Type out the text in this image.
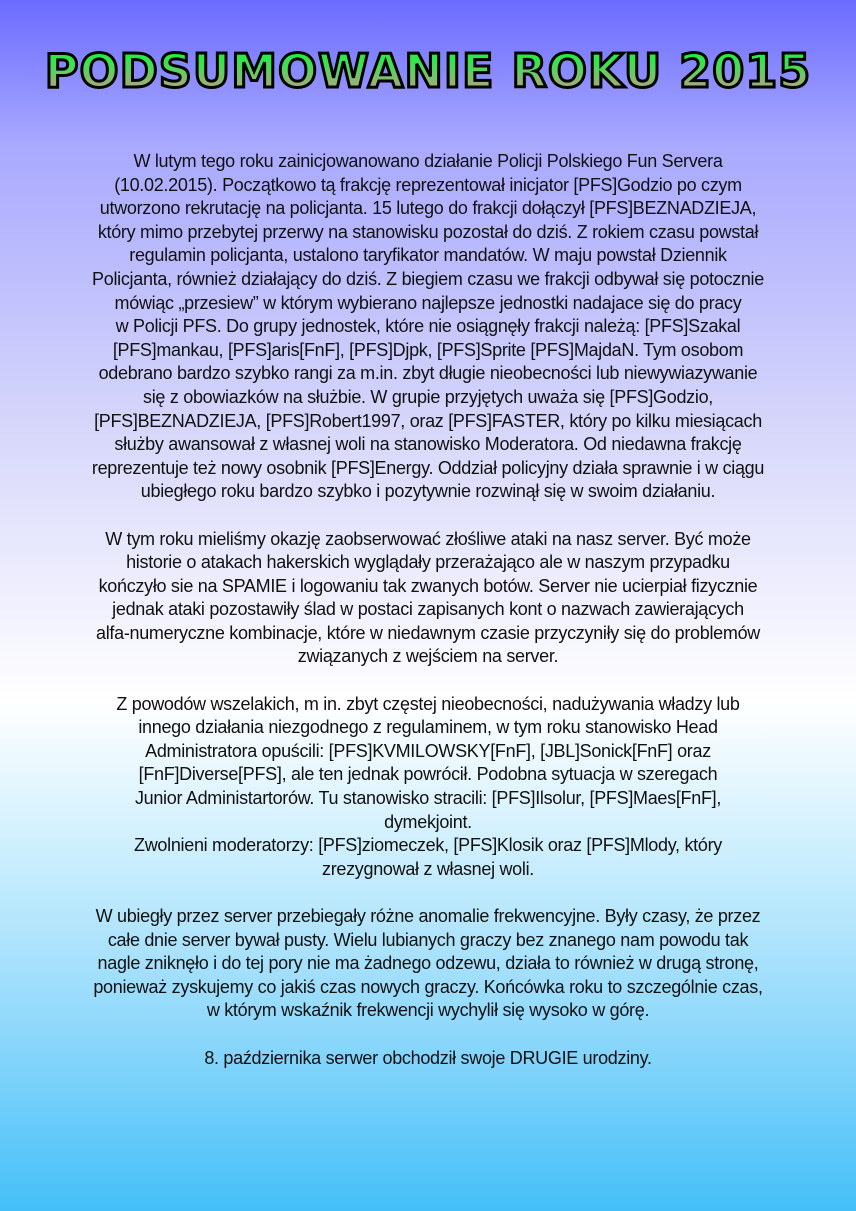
PODSUMOWANIE ROKU 2015
W lutym tego roku zainicjowanowano działanie Policji Polskiego Fun Servera
(10.02.2015). Początkowo tą frakcję reprezentował inicjator [PFS]Godzio po czym
utworzono rekrutację na policjanta. 15 lutego do frakcji dołączył [PFS]BEZNADZIEJA,
który mimo przebytej przerwy na stanowisku pozostał do dziś. Z rokiem czasu powstał
regulamin policjanta, ustalono taryfikator mandatów. W maju powstał Dziennik
Policjanta, również działający do dziś. Z biegiem czasu we frakcji odbywał się potocznie
mówiąc „przesiew” w którym wybierano najlepsze jednostki nadajace się do pracy
w Policji PFS. Do grupy jednostek, które nie osiągnęły frakcji należą: [PFS]Szakal
[PFS]mankau, [PFS]aris[FnF], [PFS]Djpk, [PFS]Sprite [PFS]MajdaN. Tym osobom
odebrano bardzo szybko rangi za m.in. zbyt długie nieobecności lub niewywiazywanie
się z obowiazków na służbie. W grupie przyjętych uważa się [PFS]Godzio,
[PFS]BEZNADZIEJA, [PFS]Robert1997, oraz [PFS]FASTER, który po kilku miesiącach
służby awansował z własnej woli na stanowisko Moderatora. Od niedawna frakcję
reprezentuje też nowy osobnik [PFS]Energy. Oddział policyjny działa sprawnie i w ciągu
ubiegłego roku bardzo szybko i pozytywnie rozwinął się w swoim działaniu.
W tym roku mieliśmy okazję zaobserwować złośliwe ataki na nasz server. Być może
historie o atakach hakerskich wyglądały przerażająco ale w naszym przypadku
kończyło sie na SPAMIE i logowaniu tak zwanych botów. Server nie ucierpiał fizycznie
jednak ataki pozostawiły ślad w postaci zapisanych kont o nazwach zawierających
alfa-numeryczne kombinacje, które w niedawnym czasie przyczyniły się do problemów
związanych z wejściem na server.
Z powodów wszelakich, m in. zbyt częstej nieobecności, nadużywania władzy lub
innego działania niezgodnego z regulaminem, w tym roku stanowisko Head
Administratora opuścili: [PFS]KVMILOWSKY[FnF], [JBL]Sonick[FnF] oraz
[FnF]Diverse[PFS], ale ten jednak powrócił. Podobna sytuacja w szeregach
Junior Administartorów. Tu stanowisko stracili: [PFS]Ilsolur, [PFS]Maes[FnF],
dymekjoint.
Zwolnieni moderatorzy: [PFS]ziomeczek, [PFS]Klosik oraz [PFS]Mlody, który
zrezygnował z własnej woli.
W ubiegły przez server przebiegały różne anomalie frekwencyjne. Były czasy, że przez
całe dnie server bywał pusty. Wielu lubianych graczy bez znanego nam powodu tak
nagle zniknęło i do tej pory nie ma żadnego odzewu, działa to również w drugą stronę,
ponieważ zyskujemy co jakiś czas nowych graczy. Końcówka roku to szczególnie czas,
w którym wskaźnik frekwencji wychylił się wysoko w górę.
8. października serwer obchodził swoje DRUGIE urodziny.
